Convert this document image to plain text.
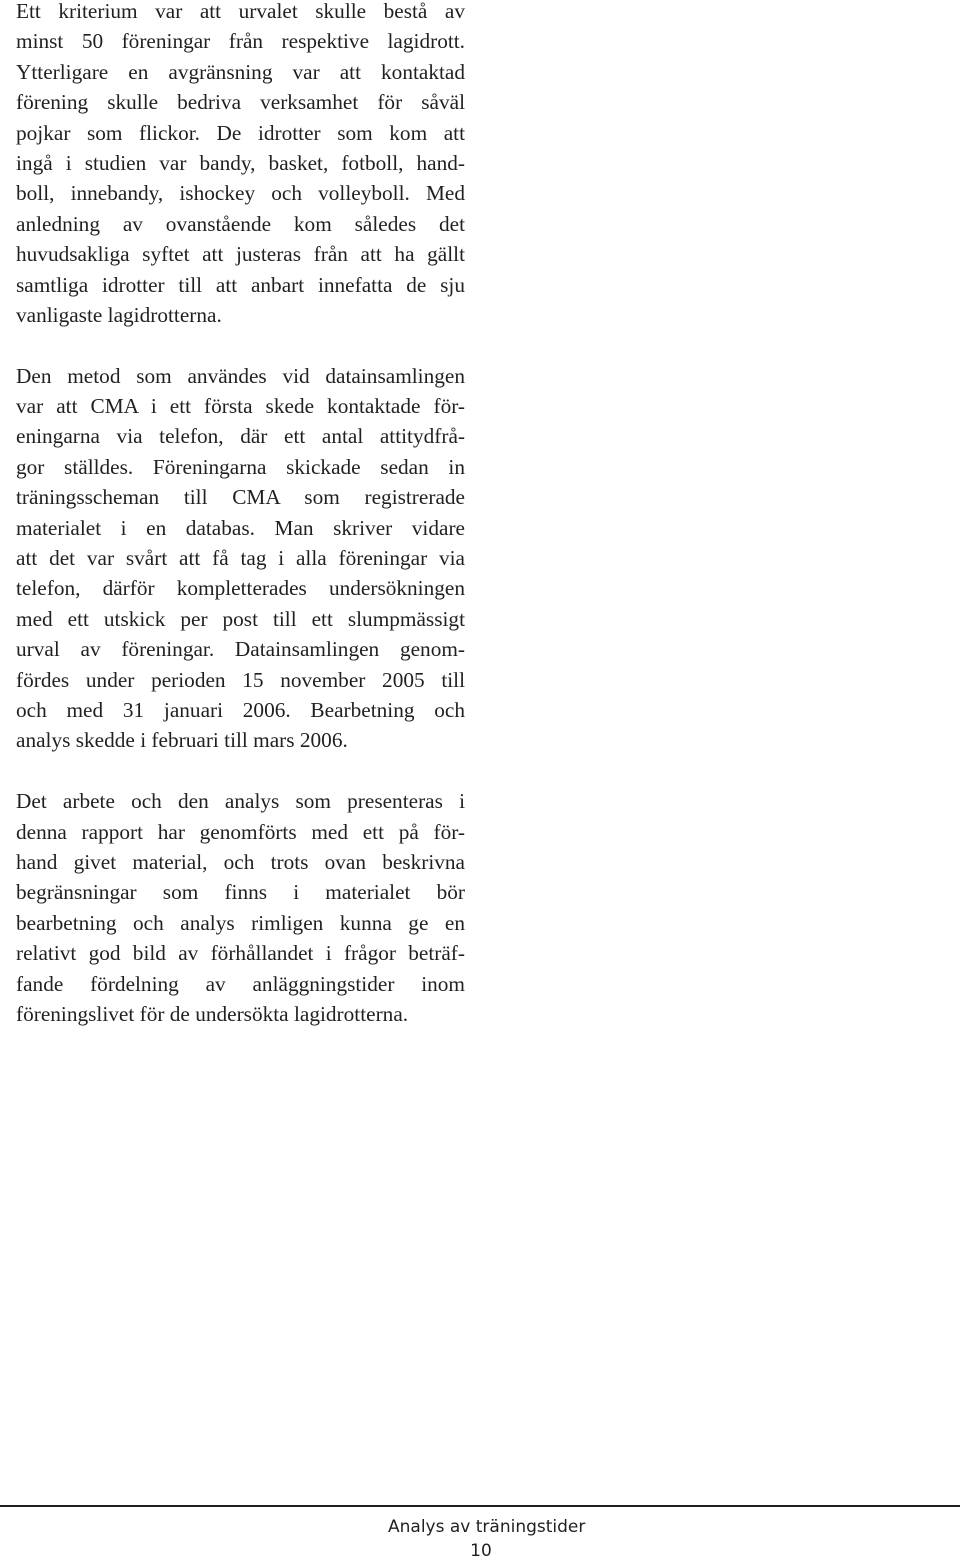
Ett kriterium var att urvalet skulle bestå av
minst 50 föreningar från respektive lagidrott.
Ytterligare en avgränsning var att kontaktad
förening skulle bedriva verksamhet för såväl
pojkar som flickor. De idrotter som kom att
ingå i studien var bandy, basket, fotboll, hand-
boll, innebandy, ishockey och volleyboll. Med
anledning av ovanstående kom således det
huvudsakliga syftet att justeras från att ha gällt
samtliga idrotter till att anbart innefatta de sju
vanligaste lagidrotterna.
Den metod som användes vid datainsamlingen
var att CMA i ett första skede kontaktade för-
eningarna via telefon, där ett antal attitydfrå-
gor ställdes. Föreningarna skickade sedan in
träningsscheman till CMA som registrerade
materialet i en databas. Man skriver vidare
att det var svårt att få tag i alla föreningar via
telefon, därför kompletterades undersökningen
med ett utskick per post till ett slumpmässigt
urval av föreningar. Datainsamlingen genom-
fördes under perioden 15 november 2005 till
och med 31 januari 2006. Bearbetning och
analys skedde i februari till mars 2006.
Det arbete och den analys som presenteras i
denna rapport har genomförts med ett på för-
hand givet material, och trots ovan beskrivna
begränsningar som finns i materialet bör
bearbetning och analys rimligen kunna ge en
relativt god bild av förhållandet i frågor beträf-
fande fördelning av anläggningstider inom
föreningslivet för de undersökta lagidrotterna.
Analys av träningstider
10
